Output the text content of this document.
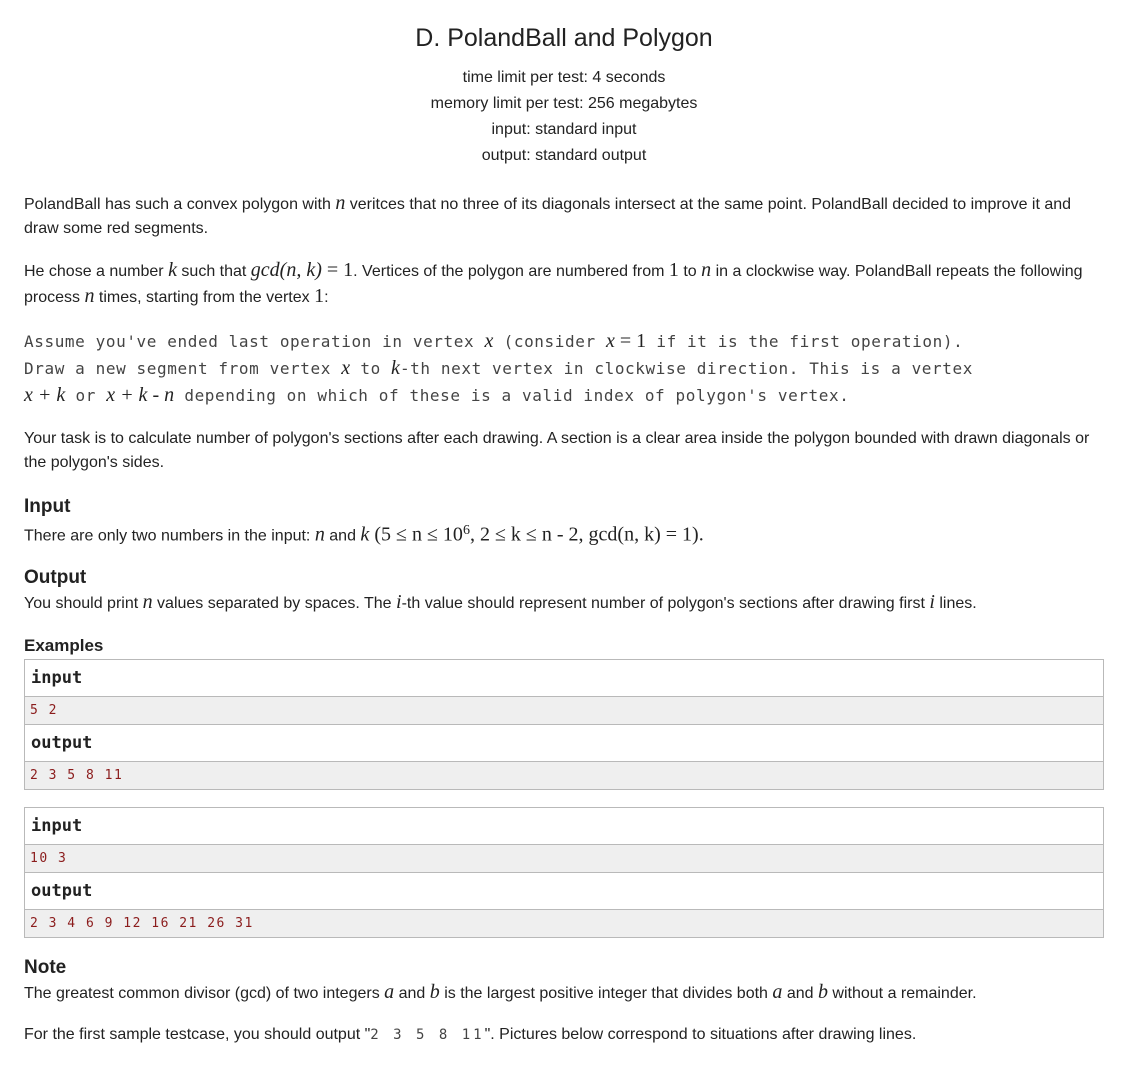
D. PolandBall and Polygon
time limit per test: 4 seconds
memory limit per test: 256 megabytes
input: standard input
output: standard output

PolandBall has such a convex polygon with n veritces that no three of its diagonals intersect at the same point. PolandBall decided to improve it and draw some red segments.

He chose a number k such that gcd(n, k) = 1. Vertices of the polygon are numbered from 1 to n in a clockwise way. PolandBall repeats the following process n times, starting from the vertex 1:

Assume you've ended last operation in vertex x (consider x = 1 if it is the first operation).
Draw a new segment from vertex x to k-th next vertex in clockwise direction. This is a vertex
x + k or x + k - n depending on which of these is a valid index of polygon's vertex.

Your task is to calculate number of polygon's sections after each drawing. A section is a clear area inside the polygon bounded with drawn diagonals or the polygon's sides.

Input

There are only two numbers in the input: n and k ($5 \le n \le 10^6$, 2 ≤ k ≤ n - 2, gcd(n, k) = 1).

Output

You should print n values separated by spaces. The i-th value should represent number of polygon's sections after drawing first i lines.

Examples
input
5 2
output
2 3 5 8 11
input
10 3
output
2 3 4 6 9 12 16 21 26 31
Note

The greatest common divisor (gcd) of two integers a and b is the largest positive integer that divides both a and b without a remainder.

For the first sample testcase, you should output "2 3 5 8 11". Pictures below correspond to situations after drawing lines.
